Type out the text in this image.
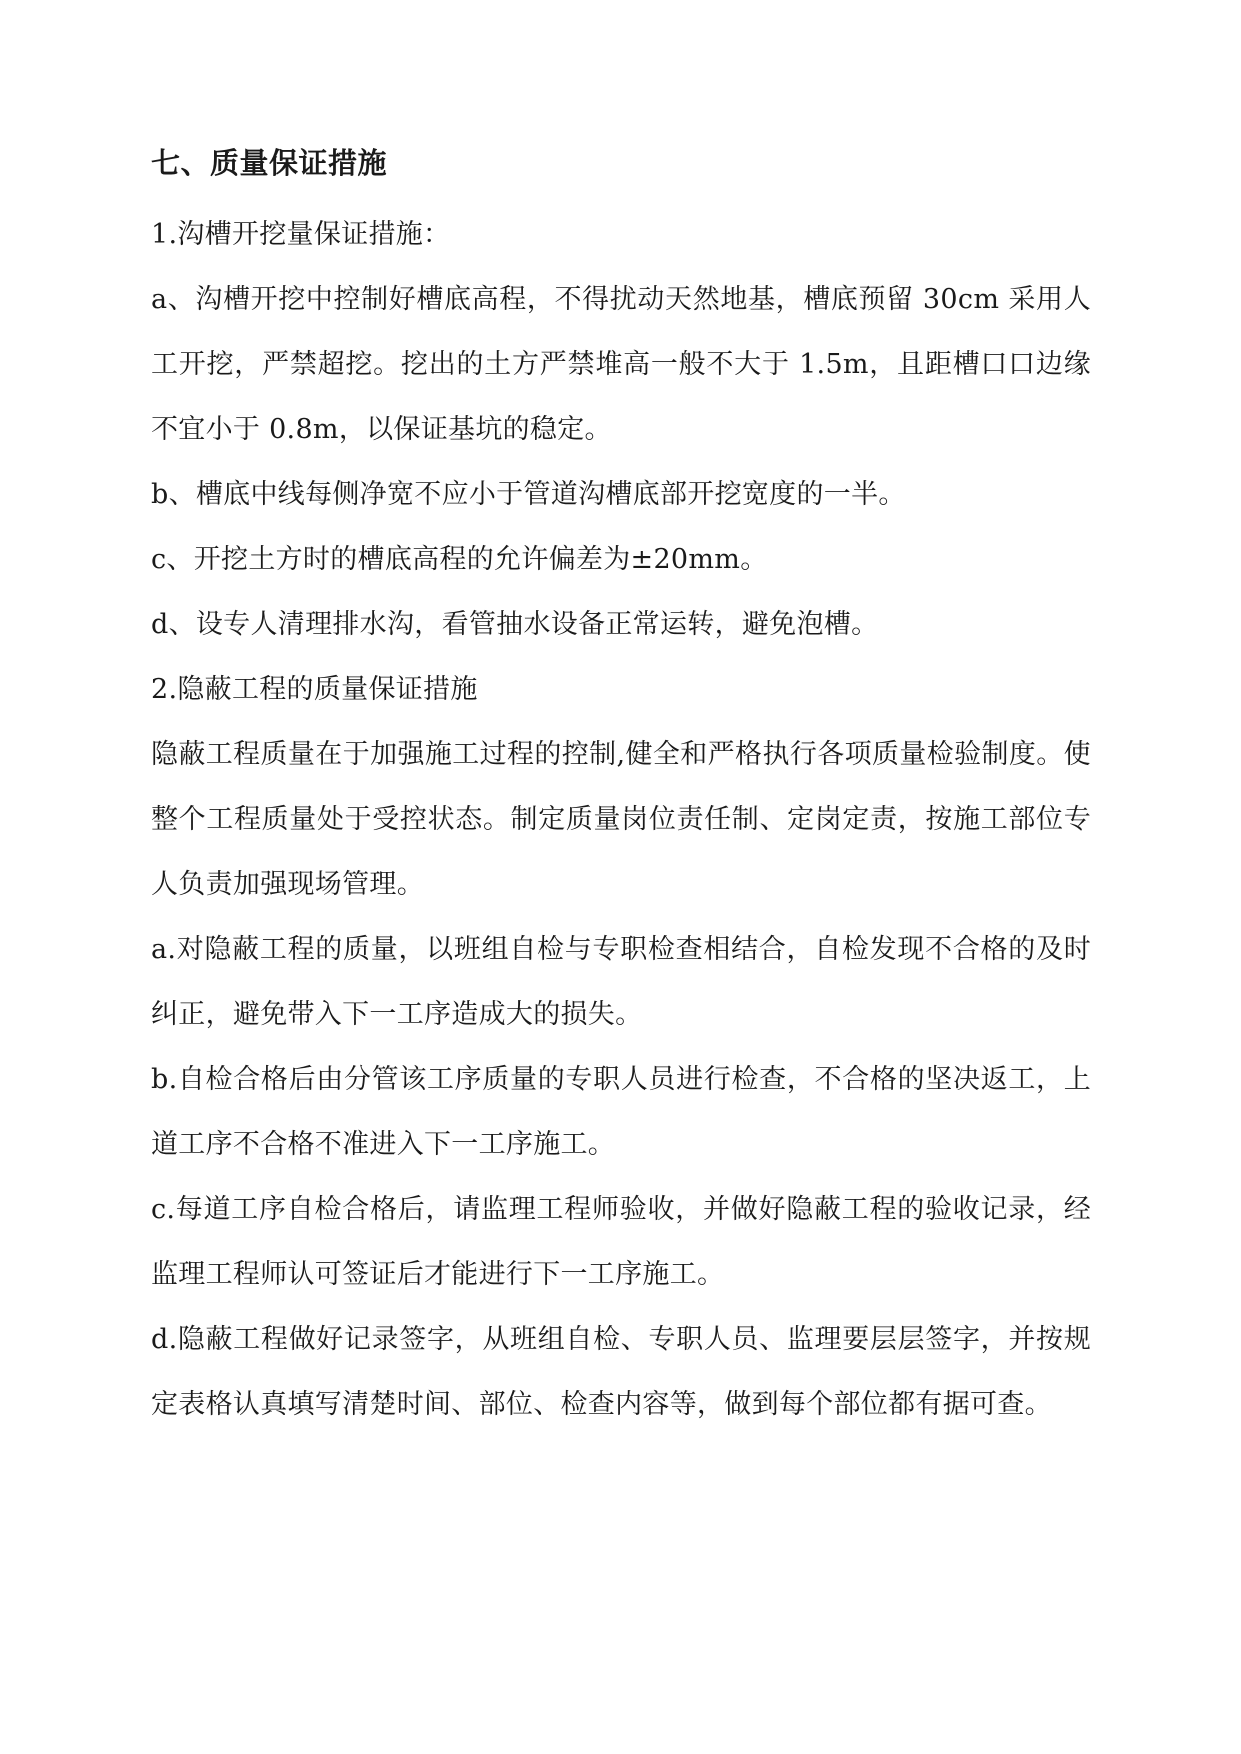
七、质量保证措施

1.沟槽开挖量保证措施：

a、沟槽开挖中控制好槽底高程，不得扰动天然地基，槽底预留 30cm 采用人工开挖，严禁超挖。挖出的土方严禁堆高一般不大于 1.5m，且距槽口口边缘不宜小于 0.8m，以保证基坑的稳定。

b、槽底中线每侧净宽不应小于管道沟槽底部开挖宽度的一半。

c、开挖土方时的槽底高程的允许偏差为±20mm。

d、设专人清理排水沟，看管抽水设备正常运转，避免泡槽。

2.隐蔽工程的质量保证措施

隐蔽工程质量在于加强施工过程的控制,健全和严格执行各项质量检验制度。使整个工程质量处于受控状态。制定质量岗位责任制、定岗定责，按施工部位专人负责加强现场管理。

a.对隐蔽工程的质量，以班组自检与专职检查相结合，自检发现不合格的及时纠正，避免带入下一工序造成大的损失。

b.自检合格后由分管该工序质量的专职人员进行检查，不合格的坚决返工，上道工序不合格不准进入下一工序施工。

c.每道工序自检合格后，请监理工程师验收，并做好隐蔽工程的验收记录，经监理工程师认可签证后才能进行下一工序施工。

d.隐蔽工程做好记录签字，从班组自检、专职人员、监理要层层签字，并按规定表格认真填写清楚时间、部位、检查内容等，做到每个部位都有据可查。
